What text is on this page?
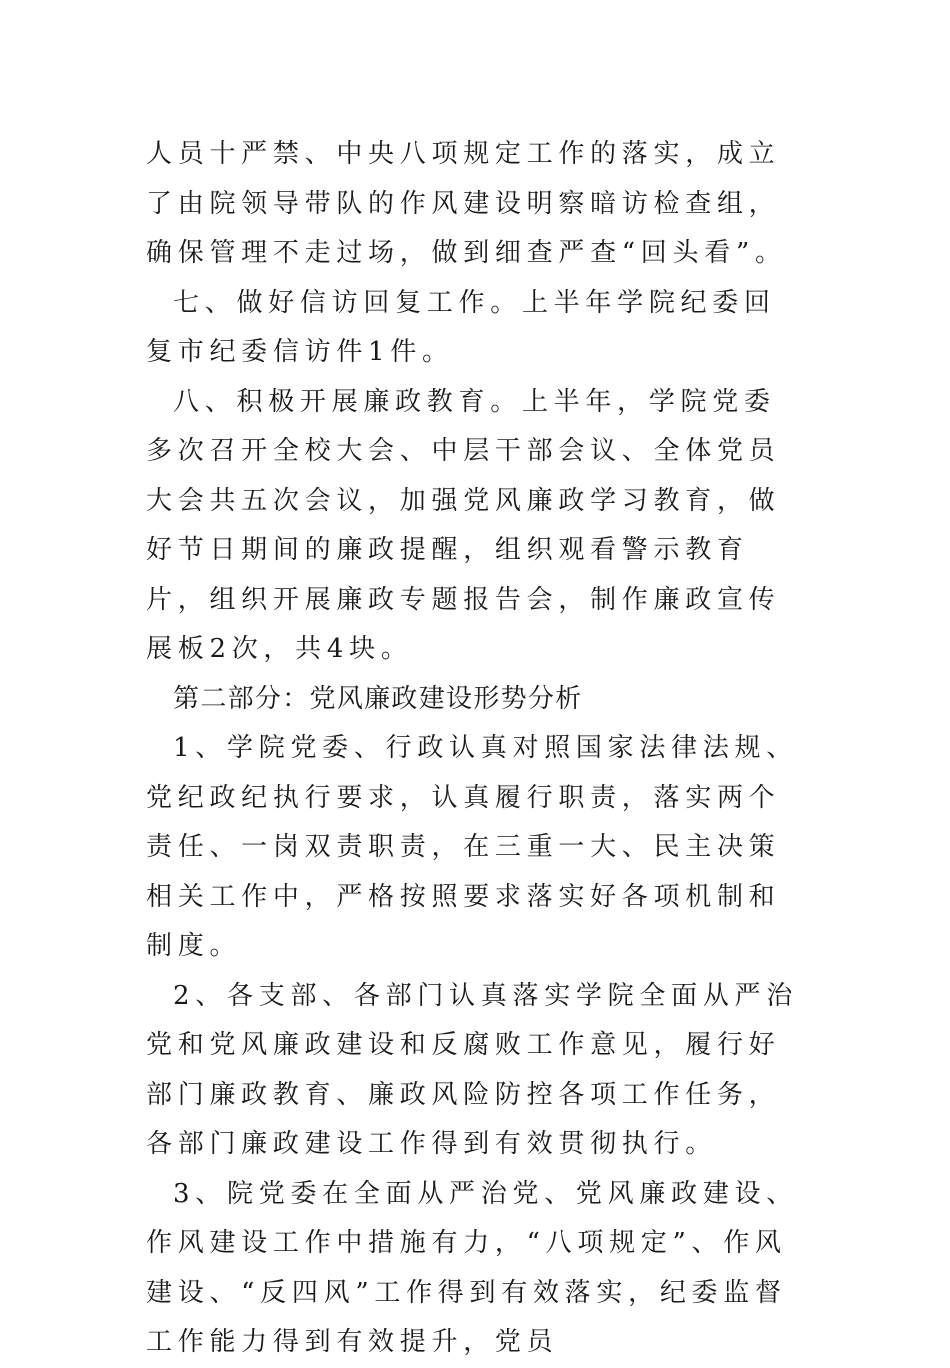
人员十严禁、中央八项规定工作的落实，成立了由院领导带队的作风建设明察暗访检查组，确保管理不走过场，做到细查严查“回头看”。

七、做好信访回复工作。上半年学院纪委回复市纪委信访件1件。

八、积极开展廉政教育。上半年，学院党委多次召开全校大会、中层干部会议、全体党员大会共五次会议，加强党风廉政学习教育，做好节日期间的廉政提醒，组织观看警示教育片，组织开展廉政专题报告会，制作廉政宣传展板2次，共4块。

第二部分：党风廉政建设形势分析

1、学院党委、行政认真对照国家法律法规、党纪政纪执行要求，认真履行职责，落实两个责任、一岗双责职责，在三重一大、民主决策相关工作中，严格按照要求落实好各项机制和制度。

2、各支部、各部门认真落实学院全面从严治党和党风廉政建设和反腐败工作意见，履行好部门廉政教育、廉政风险防控各项工作任务，各部门廉政建设工作得到有效贯彻执行。

3、院党委在全面从严治党、党风廉政建设、作风建设工作中措施有力，“八项规定”、作风建设、“反四风”工作得到有效落实，纪委监督工作能力得到有效提升，党员
